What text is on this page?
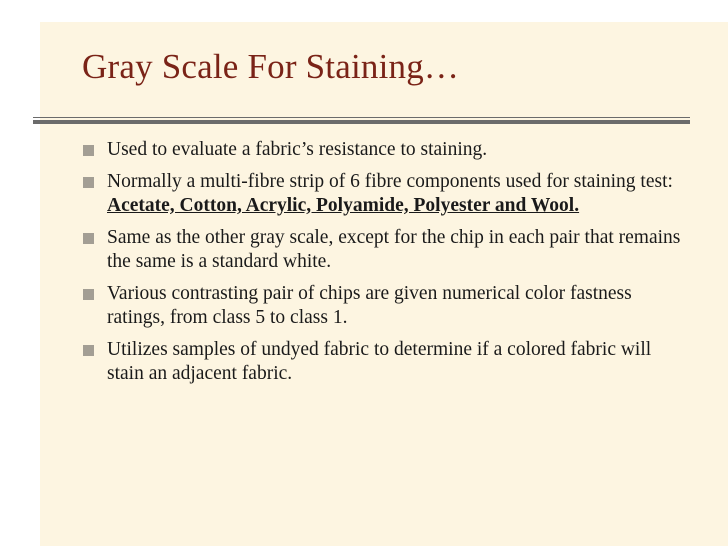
Gray Scale For Staining…
Used to evaluate a fabric’s resistance to staining.
Normally a multi-fibre strip of 6 fibre components used for staining test: Acetate, Cotton, Acrylic, Polyamide, Polyester and Wool.
Same as the other gray scale, except for the chip in each pair that remains the same is a standard white.
Various contrasting pair of chips are given numerical color fastness ratings, from class 5 to class 1.
Utilizes samples of undyed fabric to determine if a colored fabric will stain an adjacent fabric.
